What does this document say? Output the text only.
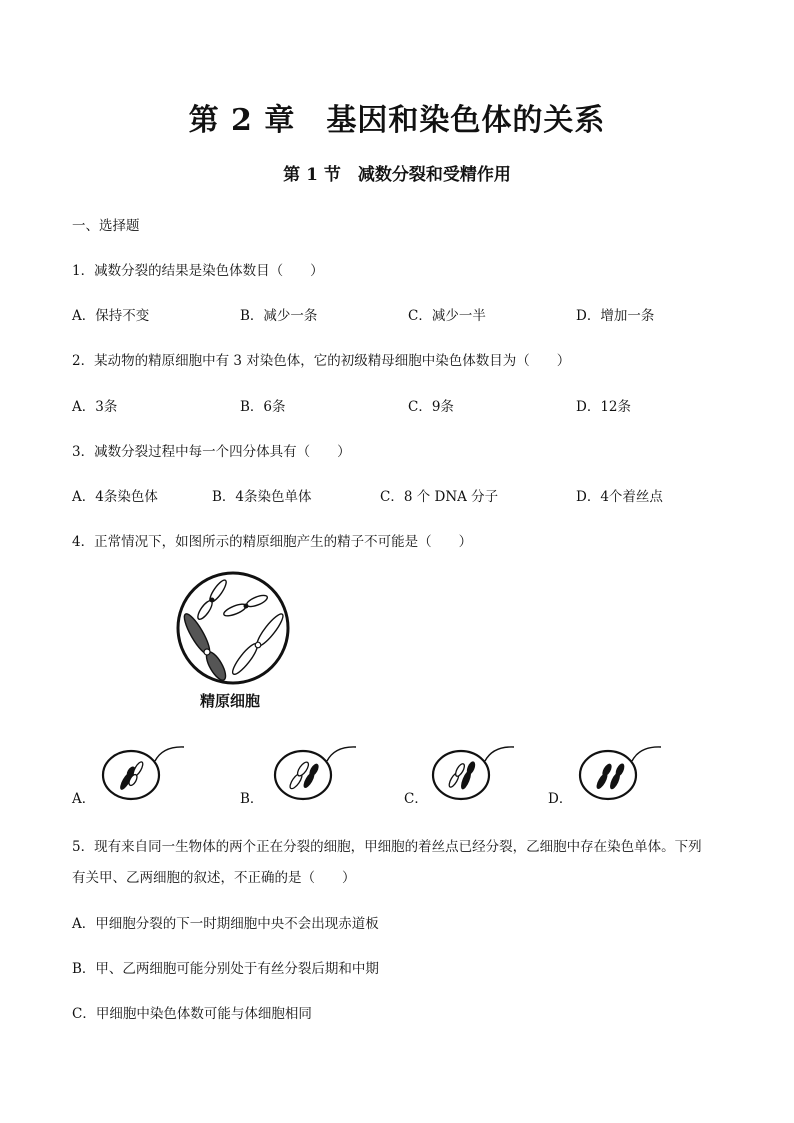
第 2 章　基因和染色体的关系
第 1 节　减数分裂和受精作用
一、选择题
1．减数分裂的结果是染色体数目（　　）
A．保持不变	B．减少一条	C．减少一半	D．增加一条
2．某动物的精原细胞中有 3 对染色体，它的初级精母细胞中染色体数目为（　　）
A．3条	B．6条	C．9条	D．12条
3．减数分裂过程中每一个四分体具有（　　）
A．4条染色体	B．4条染色单体	C．8 个 DNA 分子	D．4个着丝点
4．正常情况下，如图所示的精原细胞产生的精子不可能是（　　）
精原细胞
A．	B．	C．	D．
5．现有来自同一生物体的两个正在分裂的细胞，甲细胞的着丝点已经分裂，乙细胞中存在染色单体。下列
有关甲、乙两细胞的叙述，不正确的是（　　）
A．甲细胞分裂的下一时期细胞中央不会出现赤道板
B．甲、乙两细胞可能分别处于有丝分裂后期和中期
C．甲细胞中染色体数可能与体细胞相同
